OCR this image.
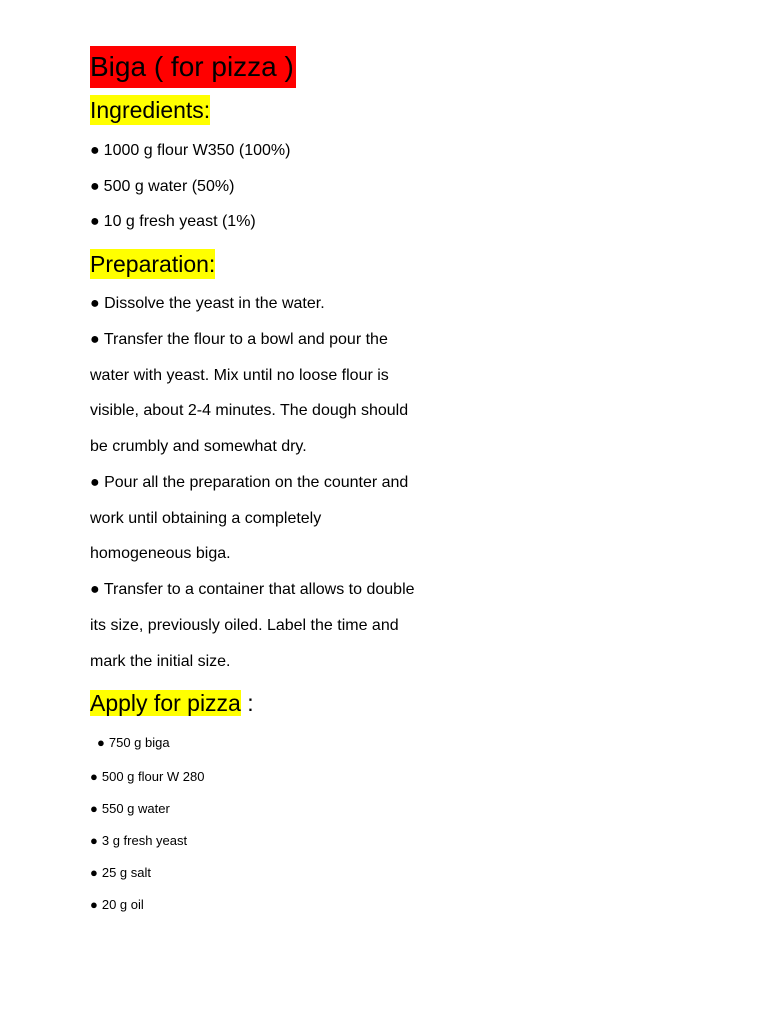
Biga ( for pizza )
Ingredients:
● 1000 g flour W350 (100%)
● 500 g water (50%)
● 10 g fresh yeast (1%)
Preparation:
● Dissolve the yeast in the water.
● Transfer the flour to a bowl and pour the
water with yeast. Mix until no loose flour is
visible, about 2-4 minutes. The dough should
be crumbly and somewhat dry.
● Pour all the preparation on the counter and
work until obtaining a completely
homogeneous biga.
● Transfer to a container that allows to double
its size, previously oiled. Label the time and
mark the initial size.
Apply for pizza :
● 750 g biga
● 500 g flour W 280
● 550 g water
● 3 g fresh yeast
● 25 g salt
● 20 g oil
